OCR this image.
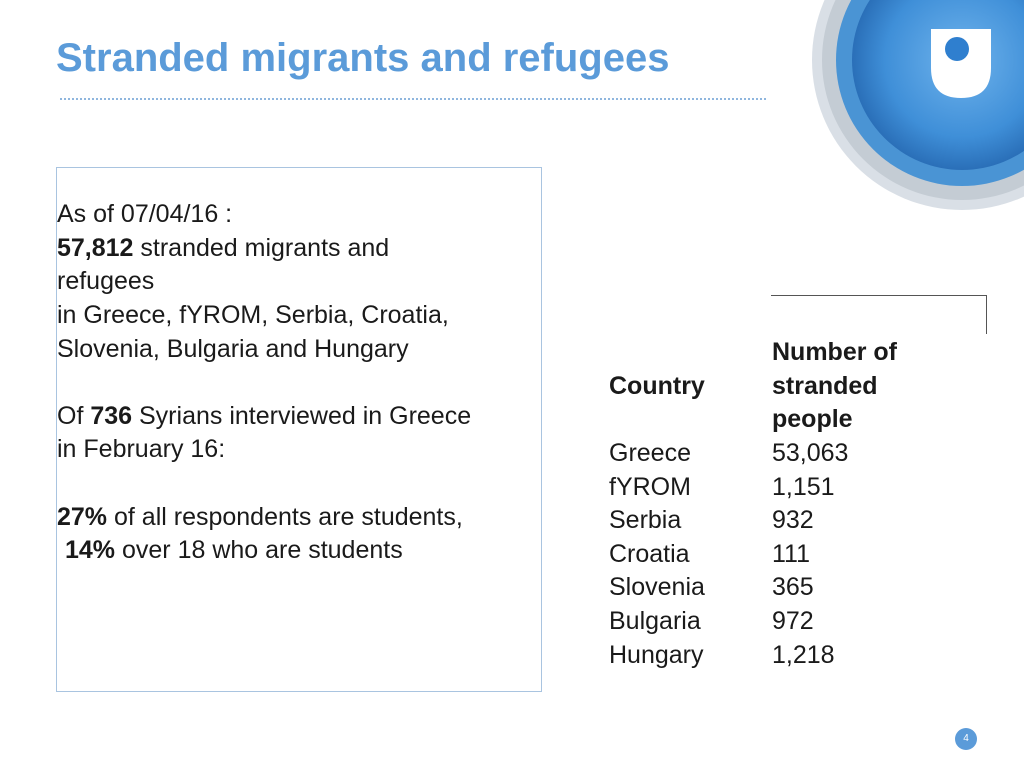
Stranded migrants and refugees
As of 07/04/16 :
57,812 stranded migrants and
refugees
in Greece, fYROM, Serbia, Croatia,
Slovenia, Bulgaria and Hungary
Of 736 Syrians interviewed in Greece
in February 16:
27% of all respondents are students,
14% over 18 who are students
Country
Number of
stranded
people
Greece	53,063
fYROM	1,151
Serbia	932
Croatia	111
Slovenia	365
Bulgaria	972
Hungary	1,218
4
